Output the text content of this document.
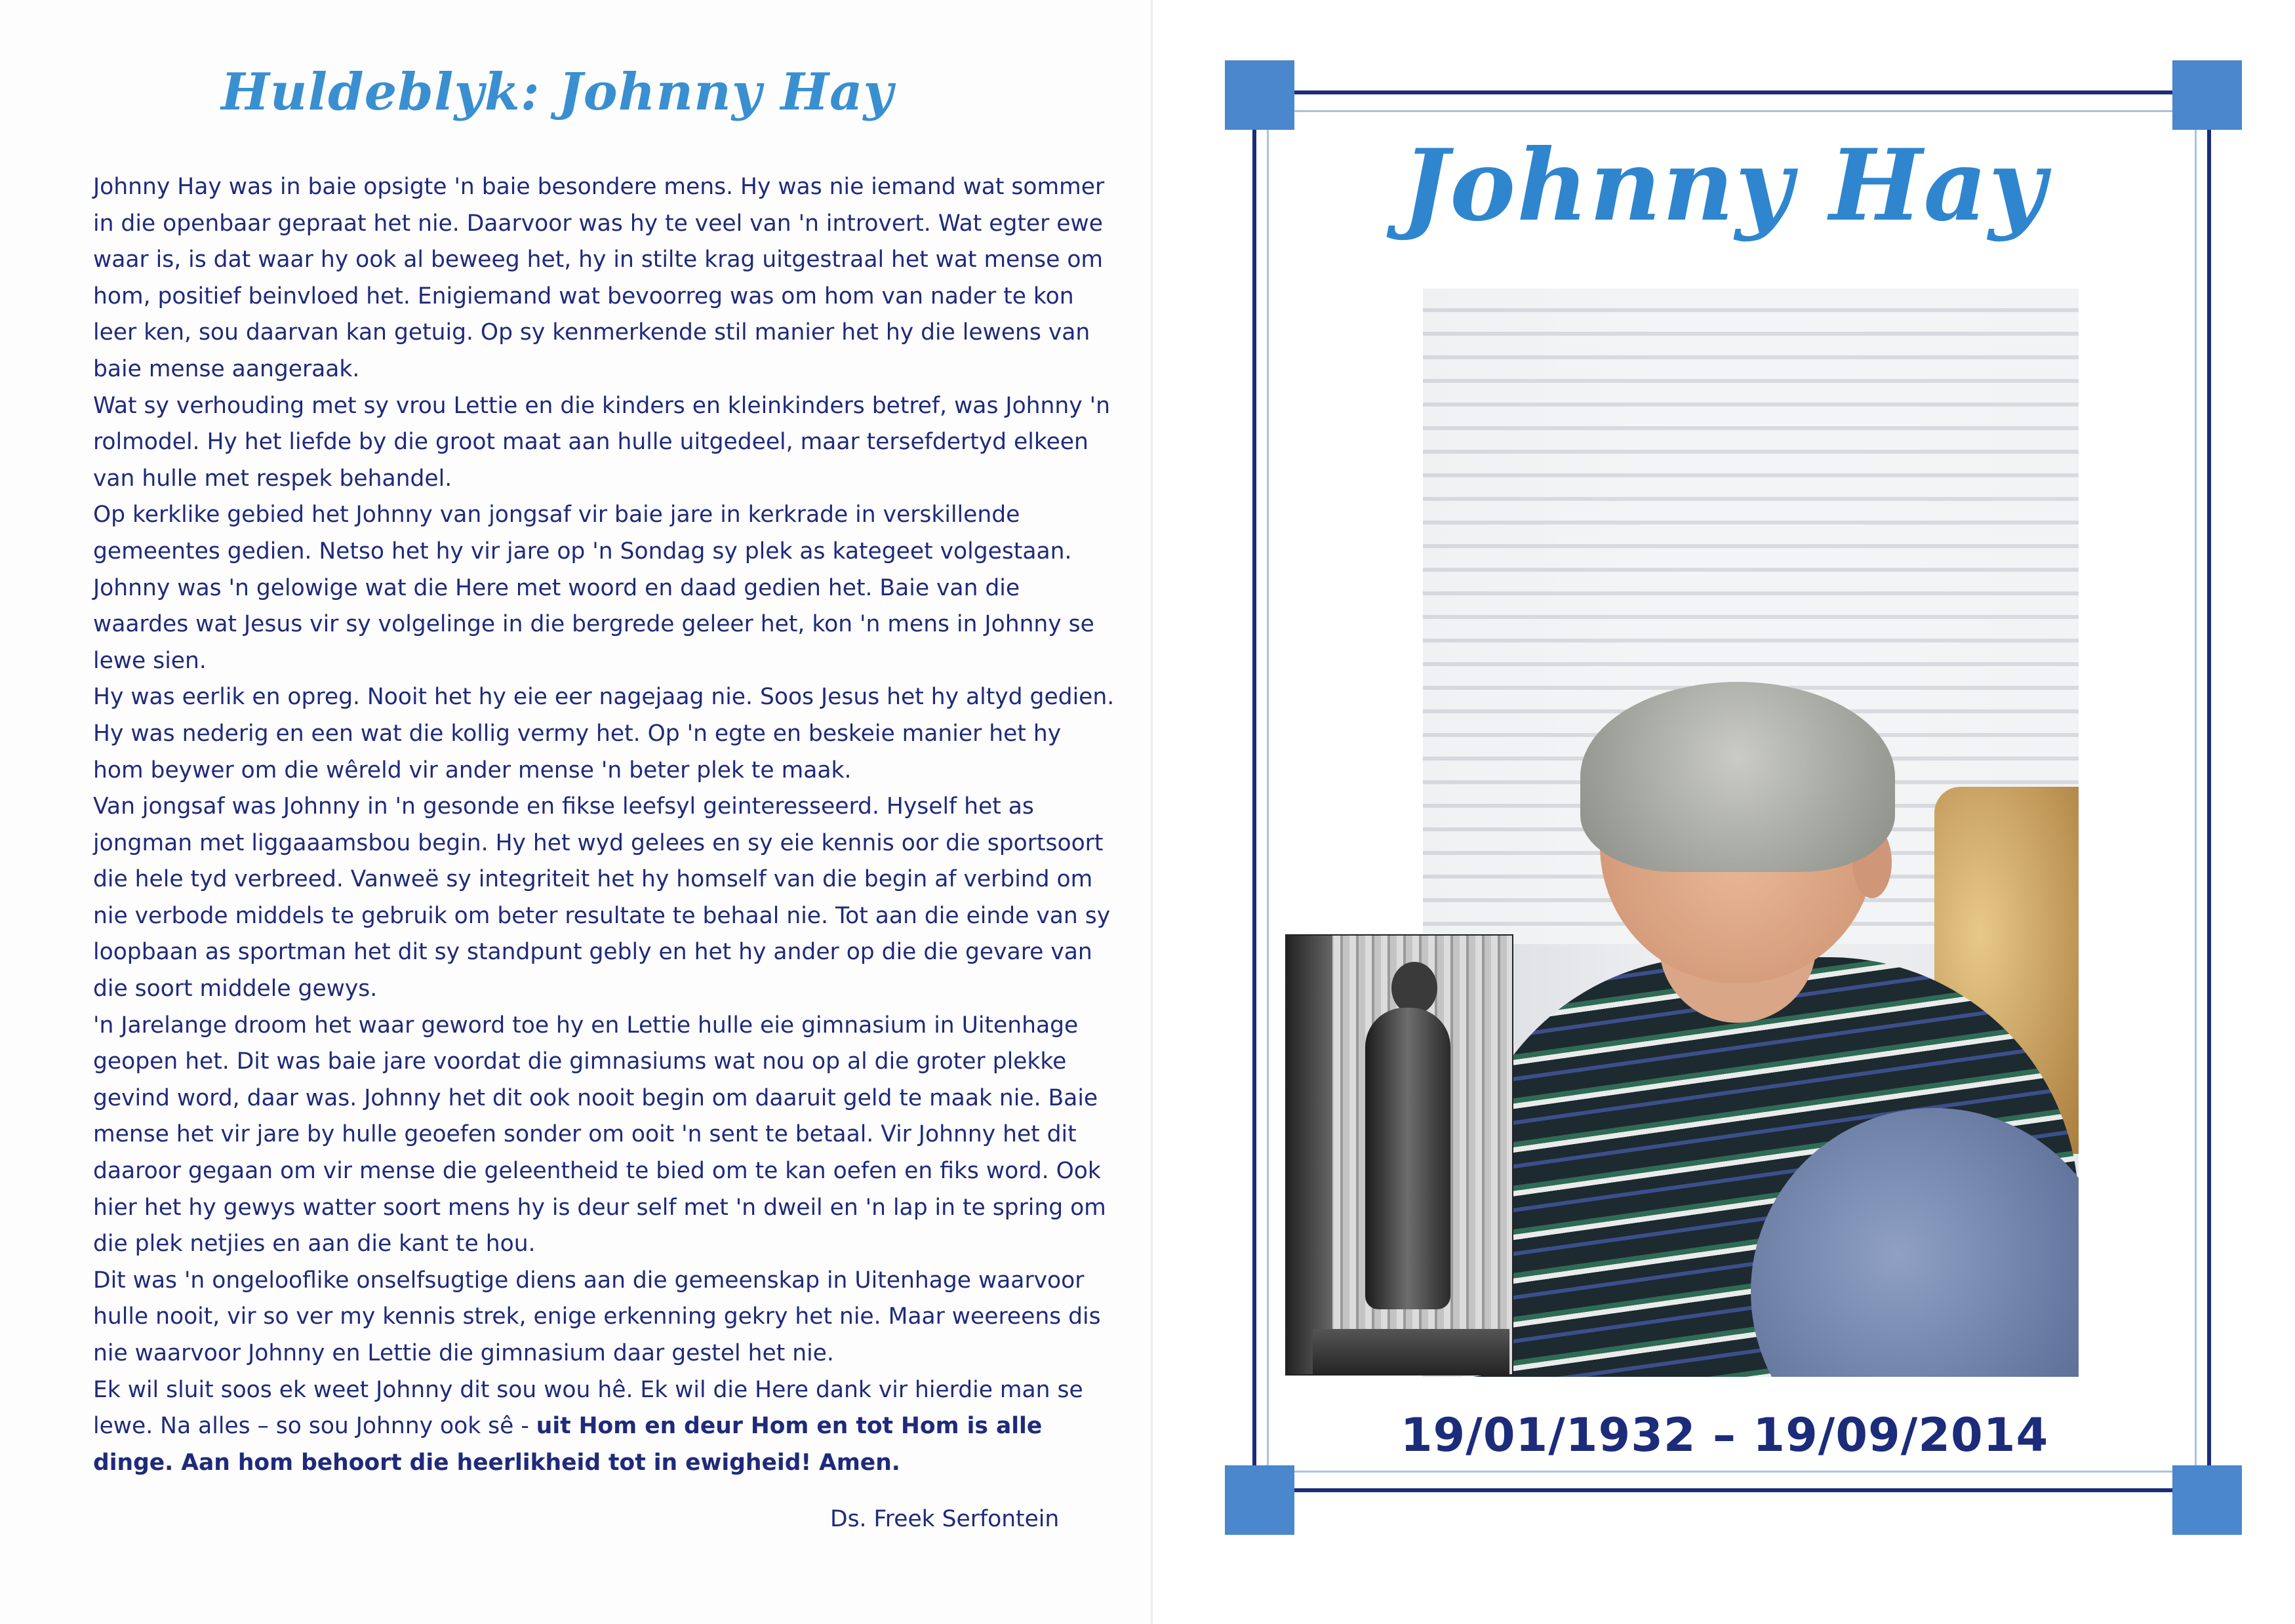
Huldeblyk: Johnny Hay
Johnny Hay was in baie opsigte 'n baie besondere mens. Hy was nie iemand wat sommer in die openbaar gepraat het nie. Daarvoor was hy te veel van 'n introvert. Wat egter ewe waar is, is dat waar hy ook al beweeg het, hy in stilte krag uitgestraal het wat mense om hom, positief beinvloed het. Enigiemand wat bevoorreg was om hom van nader te kon leer ken, sou daarvan kan getuig. Op sy kenmerkende stil manier het hy die lewens van baie mense aangeraak.
Wat sy verhouding met sy vrou Lettie en die kinders en kleinkinders betref, was Johnny 'n rolmodel. Hy het liefde by die groot maat aan hulle uitgedeel, maar tersefdertyd elkeen van hulle met respek behandel.
Op kerklike gebied het Johnny van jongsaf vir baie jare in kerkrade in verskillende gemeentes gedien. Netso het hy vir jare op 'n Sondag sy plek as kategeet volgestaan. Johnny was 'n gelowige wat die Here met woord en daad gedien het. Baie van die waardes wat Jesus vir sy volgelinge in die bergrede geleer het, kon 'n mens in Johnny se lewe sien.
Hy was eerlik en opreg. Nooit het hy eie eer nagejaag nie. Soos Jesus het hy altyd gedien. Hy was nederig en een wat die kollig vermy het. Op 'n egte en beskeie manier het hy hom beywer om die wêreld vir ander mense 'n beter plek te maak.
Van jongsaf was Johnny in 'n gesonde en fikse leefsyl geinteresseerd. Hyself het as jongman met liggaaamsbou begin. Hy het wyd gelees en sy eie kennis oor die sportsoort die hele tyd verbreed. Vanweë sy integriteit het hy homself van die begin af verbind om nie verbode middels te gebruik om beter resultate te behaal nie. Tot aan die einde van sy loopbaan as sportman het dit sy standpunt gebly en het hy ander op die die gevare van die soort middele gewys.
'n Jarelange droom het waar geword toe hy en Lettie hulle eie gimnasium in Uitenhage geopen het. Dit was baie jare voordat die gimnasiums wat nou op al die groter plekke gevind word, daar was. Johnny het dit ook nooit begin om daaruit geld te maak nie. Baie mense het vir jare by hulle geoefen sonder om ooit 'n sent te betaal. Vir Johnny het dit daaroor gegaan om vir mense die geleentheid te bied om te kan oefen en fiks word. Ook hier het hy gewys watter soort mens hy is deur self met 'n dweil en 'n lap in te spring om die plek netjies en aan die kant te hou.
Dit was 'n ongelooflike onselfsugtige diens aan die gemeenskap in Uitenhage waarvoor hulle nooit, vir so ver my kennis strek, enige erkenning gekry het nie. Maar weereens dis nie waarvoor Johnny en Lettie die gimnasium daar gestel het nie.
Ek wil sluit soos ek weet Johnny dit sou wou hê. Ek wil die Here dank vir hierdie man se lewe. Na alles – so sou Johnny ook sê - uit Hom en deur Hom en tot Hom is alle dinge. Aan hom behoort die heerlikheid tot in ewigheid! Amen.
Ds. Freek Serfontein
Johnny Hay
19/01/1932 – 19/09/2014
